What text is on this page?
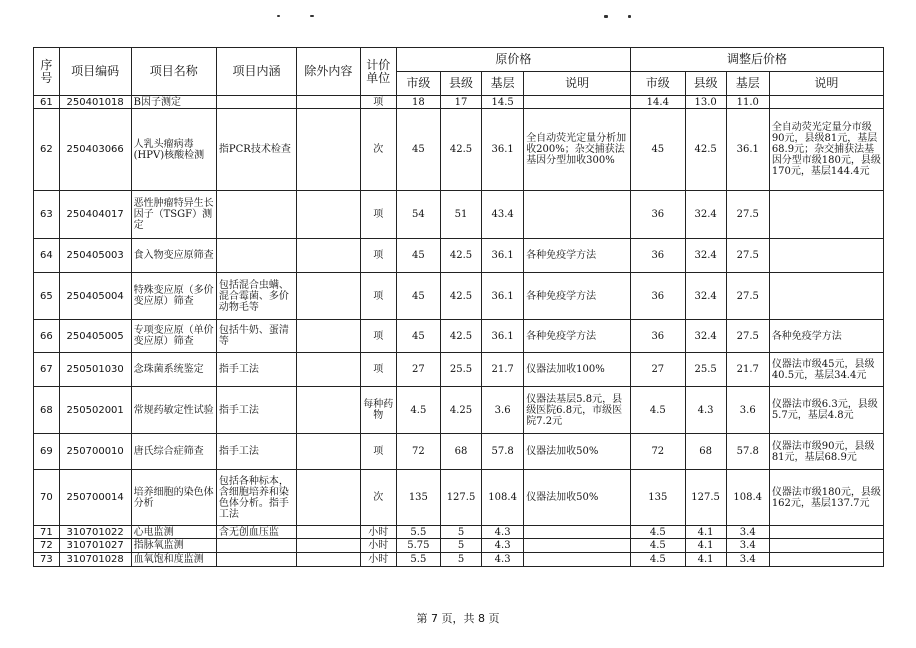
序号	项目编码	项目名称	项目内涵	除外内容	计价单位	原价格				调整后价格			
						市级	县级	基层	说明	市级	县级	基层	说明
61	250401018	B因子测定			项	18	17	14.5		14.4	13.0	11.0	
62	250403066	人乳头瘤病毒(HPV)核酸检测	指PCR技术检查		次	45	42.5	36.1	全自动荧光定量分析加收200%；杂交捕获法基因分型加收300%	45	42.5	36.1	全自动荧光定量分市级90元，县级81元，基层68.9元；杂交捕获法基因分型市级180元，县级170元，基层144.4元
63	250404017	恶性肿瘤特异生长因子（TSGF）测定			项	54	51	43.4		36	32.4	27.5	
64	250405003	食入物变应原筛查			项	45	42.5	36.1	各种免疫学方法	36	32.4	27.5	
65	250405004	特殊变应原（多价变应原）筛查	包括混合虫螨、混合霉菌、多价动物毛等		项	45	42.5	36.1	各种免疫学方法	36	32.4	27.5	
66	250405005	专项变应原（单价变应原）筛查	包括牛奶、蛋清等		项	45	42.5	36.1	各种免疫学方法	36	32.4	27.5	各种免疫学方法
67	250501030	念珠菌系统鉴定	指手工法		项	27	25.5	21.7	仪器法加收100%	27	25.5	21.7	仪器法市级45元，县级40.5元，基层34.4元
68	250502001	常规药敏定性试验	指手工法		每种药物	4.5	4.25	3.6	仪器法基层5.8元，县级医院6.8元，市级医院7.2元	4.5	4.3	3.6	仪器法市级6.3元，县级5.7元，基层4.8元
69	250700010	唐氏综合症筛查	指手工法		项	72	68	57.8	仪器法加收50%	72	68	57.8	仪器法市级90元，县级81元，基层68.9元
70	250700014	培养细胞的染色体分析	包括各种标本，含细胞培养和染色体分析。指手工法		次	135	127.5	108.4	仪器法加收50%	135	127.5	108.4	仪器法市级180元，县级162元，基层137.7元
71	310701022	心电监测	含无创血压监		小时	5.5	5	4.3		4.5	4.1	3.4	
72	310701027	指脉氧监测			小时	5.75	5	4.3		4.5	4.1	3.4	
73	310701028	血氧饱和度监测			小时	5.5	5	4.3		4.5	4.1	3.4	
第 7 页，共 8 页
